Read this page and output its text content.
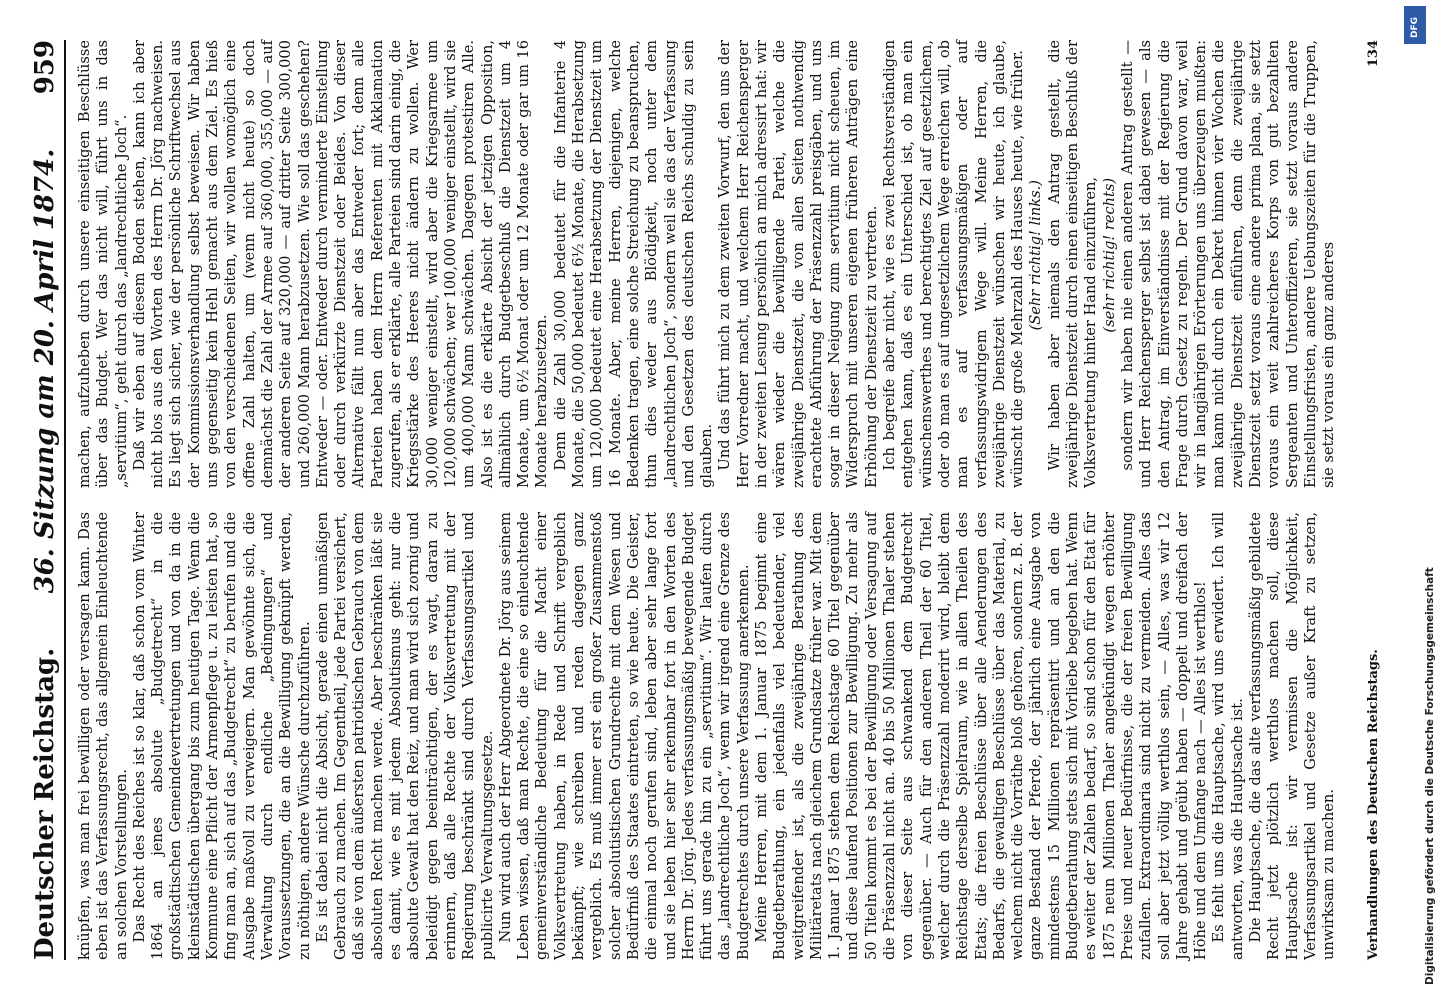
Deutscher Reichstag.
36. Sitzung am 20. April 1874.
959

knüpfen, was man frei bewilligen oder versagen kann. Das eben ist das Verfassungsrecht, das allgemein Einleuchtende an solchen Vorstellungen. Das Recht des Reiches ist so klar, daß schon vom Winter 1864 an jenes absolute „Budgetrecht“ in die großstädtischen Gemeindevertretungen und von da in die kleinstädtischen übergang bis zum heutigen Tage. Wenn die Kommune eine Pflicht der Armenpflege u. zu leisten hat, so fing man an, sich auf das „Budgetrecht“ zu berufen und die Ausgabe maßvoll zu verweigern. Man gewöhnte sich, die Verwaltung durch endliche „Bedingungen“ und Voraussetzungen, die an die Bewilligung geknüpft werden, zu nöthigen, andere Wünsche durchzuführen. Es ist dabei nicht die Absicht, gerade einen unmäßigen Gebrauch zu machen. Im Gegentheil, jede Partei versichert, daß sie von dem äußersten patriotischen Gebrauch von dem absoluten Recht machen werde. Aber beschränken läßt sie es damit, wie es mit jedem Absolutismus geht: nur die absolute Gewalt hat den Reiz, und man wird sich zornig und beleidigt gegen beeinträchtigen, der es wagt, daran zu erinnern, daß alle Rechte der Volksvertretung mit der Regierung beschränkt sind durch Verfassungsartikel und publicirte Verwaltungsgesetze. Nun wird auch der Herr Abgeordnete Dr. Jörg aus seinem Leben wissen, daß man Rechte, die eine so einleuchtende gemeinverständliche Bedeutung für die Macht einer Volksvertretung haben, in Rede und Schrift vergeblich bekämpft; wie schreiben und reden dagegen ganz vergeblich. Es muß immer erst ein großer Zusammenstoß solcher absolutistischen Grundrechte mit dem Wesen und Bedürfniß des Staates eintreten, so wie heute. Die Geister, die einmal noch gerufen sind, leben aber sehr lange fort und sie leben hier sehr erkennbar fort in den Worten des Herrn Dr. Jörg. Jedes verfassungsmäßig bewegende Budget führt uns gerade hin zu ein „servitium“. Wir laufen durch das „landrechtliche Joch“, wenn wir irgend eine Grenze des Budgetrechtes durch unsere Verfassung anerkennen. Meine Herren, mit dem 1. Januar 1875 beginnt eine Budgetberathung, ein jedenfalls viel bedeutender, viel weitgreifender ist, als die zweijährige Berathung des Militäretats nach gleichem Grundsatze früher war. Mit dem 1. Januar 1875 stehen dem Reichstage 60 Titel gegenüber und diese laufend Positionen zur Bewilligung. Zu mehr als 50 Titeln kommt es bei der Bewilligung oder Versagung auf die Präsenzzahl nicht an. 40 bis 50 Millionen Thaler stehen von dieser Seite aus schwankend dem Budgetrecht gegenüber. — Auch für den anderen Theil der 60 Titel, welcher durch die Präsenzzahl moderirt wird, bleibt dem Reichstage derselbe Spielraum, wie in allen Theilen des Etats; die freien Beschlüsse über alle Aenderungen des Bedarfs, die gewaltigen Beschlüsse über das Material, zu welchem nicht die Vorräthe bloß gehören, sondern z. B. der ganze Bestand der Pferde, der jährlich eine Ausgabe von mindestens 15 Millionen repräsentirt und an den die Budgetberathung stets sich mit Vorliebe begeben hat. Wenn es weiter der Zahlen bedarf, so sind schon für den Etat für 1875 neun Millionen Thaler angekündigt wegen erhöhter Preise und neuer Bedürfnisse, die der freien Bewilligung zufallen. Extraordinaria sind nicht zu vermeiden. Alles das soll aber jetzt völlig werthlos sein, — Alles, was wir 12 Jahre gehabt und geübt haben — doppelt und dreifach der Höhe und dem Umfange nach — Alles ist werthlos! Es fehlt uns die Hauptsache, wird uns erwidert. Ich will antworten, was die Hauptsache ist. Die Hauptsache, die das alte verfassungsmäßig gebildete Recht jetzt plötzlich werthlos machen soll, diese Hauptsache ist: wir vermissen die Möglichkeit, Verfassungsartikel und Gesetze außer Kraft zu setzen, unwirksam zu machen.

machen, aufzuheben durch unsere einseitigen Beschlüsse über das Budget. Wer das nicht will, führt uns in das „servitium“, geht durch das „landrechtliche Joch“. Daß wir eben auf diesem Boden stehen, kann ich aber nicht blos aus den Worten des Herrn Dr. Jörg nachweisen. Es liegt sich sicher, wie der persönliche Schriftwechsel aus der Kommissionsverhandlung selbst beweisen. Wir haben uns gegenseitig kein Hehl gemacht aus dem Ziel. Es hieß von den verschiedenen Seiten, wir wollen womöglich eine offene Zahl halten, um (wenn nicht heute) so doch demnächst die Zahl der Armee auf 360,000, 355,000 — auf der anderen Seite auf 320,000 — auf dritter Seite 300,000 und 260,000 Mann herabzusetzen. Wie soll das geschehen? Entweder — oder. Entweder durch verminderte Einstellung oder durch verkürzte Dienstzeit oder Beides. Von dieser Alternative fällt nun aber das Entweder fort; denn alle Parteien haben dem Herrn Referenten mit Akklamation zugerufen, als er erklärte, alle Parteien sind darin einig, die Kriegsstärke des Heeres nicht ändern zu wollen. Wer 30,000 weniger einstellt, wird aber die Kriegsarmee um 120,000 schwächen; wer 100,000 weniger einstellt, wird sie um 400,000 Mann schwächen. Dagegen protestiren Alle. Also ist es die erklärte Absicht der jetzigen Opposition, allmählich durch Budgetbeschluß die Dienstzeit um 4 Monate, um 6½ Monat oder um 12 Monate oder gar um 16 Monate herabzusetzen. Denn die Zahl 30,000 bedeutet für die Infanterie 4 Monate, die 50,000 bedeutet 6½ Monate, die Herabsetzung um 120,000 bedeutet eine Herabsetzung der Dienstzeit um 16 Monate. Aber, meine Herren, diejenigen, welche Bedenken tragen, eine solche Streichung zu beanspruchen, thun dies weder aus Blödigkeit, noch unter dem „landrechtlichen Joch“, sondern weil sie das der Verfassung und den Gesetzen des deutschen Reichs schuldig zu sein glauben. Und das führt mich zu dem zweiten Vorwurf, den uns der Herr Vorredner macht, und welchem Herr Reichensperger in der zweiten Lesung persönlich an mich adressirt hat: wir wären wieder die bewilligende Partei, welche die zweijährige Dienstzeit, die von allen Seiten nothwendig erachtete Abführung der Präsenzzahl preisgäben, und uns sogar in dieser Neigung zum servitium nicht scheuen, im Widerspruch mit unseren eigenen früheren Anträgen eine Erhöhung der Dienstzeit zu vertreten. Ich begreife aber nicht, wie es zwei Rechtsverständigen entgehen kann, daß es ein Unterschied ist, ob man ein wünschenswerthes und berechtigtes Ziel auf gesetzlichem, oder ob man es auf ungesetzlichem Wege erreichen will, ob man es auf verfassungsmäßigen oder auf verfassungswidrigem Wege will. Meine Herren, die zweijährige Dienstzeit wünschen wir heute, ich glaube, wünscht die große Mehrzahl des Hauses heute, wie früher. (Sehr richtig! links.) Wir haben aber niemals den Antrag gestellt, die zweijährige Dienstzeit durch einen einseitigen Beschluß der Volksvertretung hinter Hand einzuführen, (sehr richtig! rechts) sondern wir haben nie einen anderen Antrag gestellt — und Herr Reichensperger selbst ist dabei gewesen — als den Antrag, im Einverständnisse mit der Regierung die Frage durch Gesetz zu regeln. Der Grund davon war, weil wir in langjährigen Erörterungen uns überzeugen mußten: man kann nicht durch ein Dekret hinnen vier Wochen die zweijährige Dienstzeit einführen, denn die zweijährige Dienstzeit setzt voraus eine andere prima plana, sie setzt voraus ein weit zahlreicheres Korps von gut bezahlten Sergeanten und Unteroffizieren, sie setzt voraus andere Einstellungsfristen, andere Uebungszeiten für die Truppen, sie setzt voraus ein ganz anderes

Verhandlungen des Deutschen Reichstags.
134
DFG
Digitalisierung gefördert durch die Deutsche Forschungsgemeinschaft
